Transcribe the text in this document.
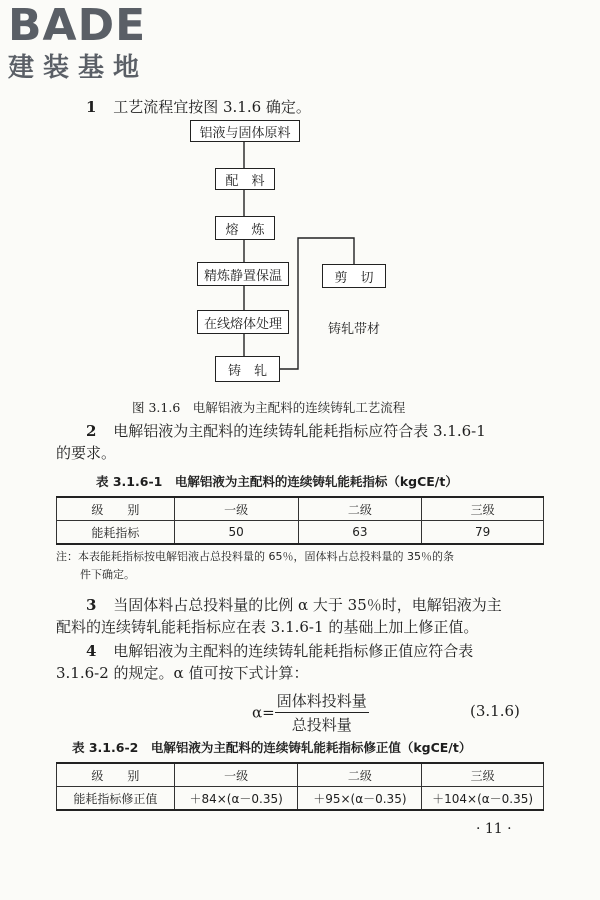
BADE
建装基地
1 工艺流程宜按图 3.1.6 确定。
铝液与固体原料
配　料
熔　炼
精炼静置保温
在线熔体处理
铸　轧
剪　切
铸轧带材
图 3.1.6　电解铝液为主配料的连续铸轧工艺流程
2 电解铝液为主配料的连续铸轧能耗指标应符合表 3.1.6-1
的要求。
表 3.1.6-1　电解铝液为主配料的连续铸轧能耗指标（kgCE/t）
级　　别	一级	二级	三级
能耗指标	50	63	79
注：本表能耗指标按电解铝液占总投料量的 65％，固体料占总投料量的 35％的条
件下确定。
3 当固体料占总投料量的比例 α 大于 35％时，电解铝液为主
配料的连续铸轧能耗指标应在表 3.1.6-1 的基础上加上修正值。
4 电解铝液为主配料的连续铸轧能耗指标修正值应符合表
3.1.6-2 的规定。α 值可按下式计算：
$\alpha= \frac{\text{固体料投料量}}{\text{总投料量}}$	(3.1.6)
表 3.1.6-2　电解铝液为主配料的连续铸轧能耗指标修正值（kgCE/t）
级　　别	一级	二级	三级
能耗指标修正值	＋84×(α－0.35)	＋95×(α－0.35)	＋104×(α－0.35)
· 11 ·
